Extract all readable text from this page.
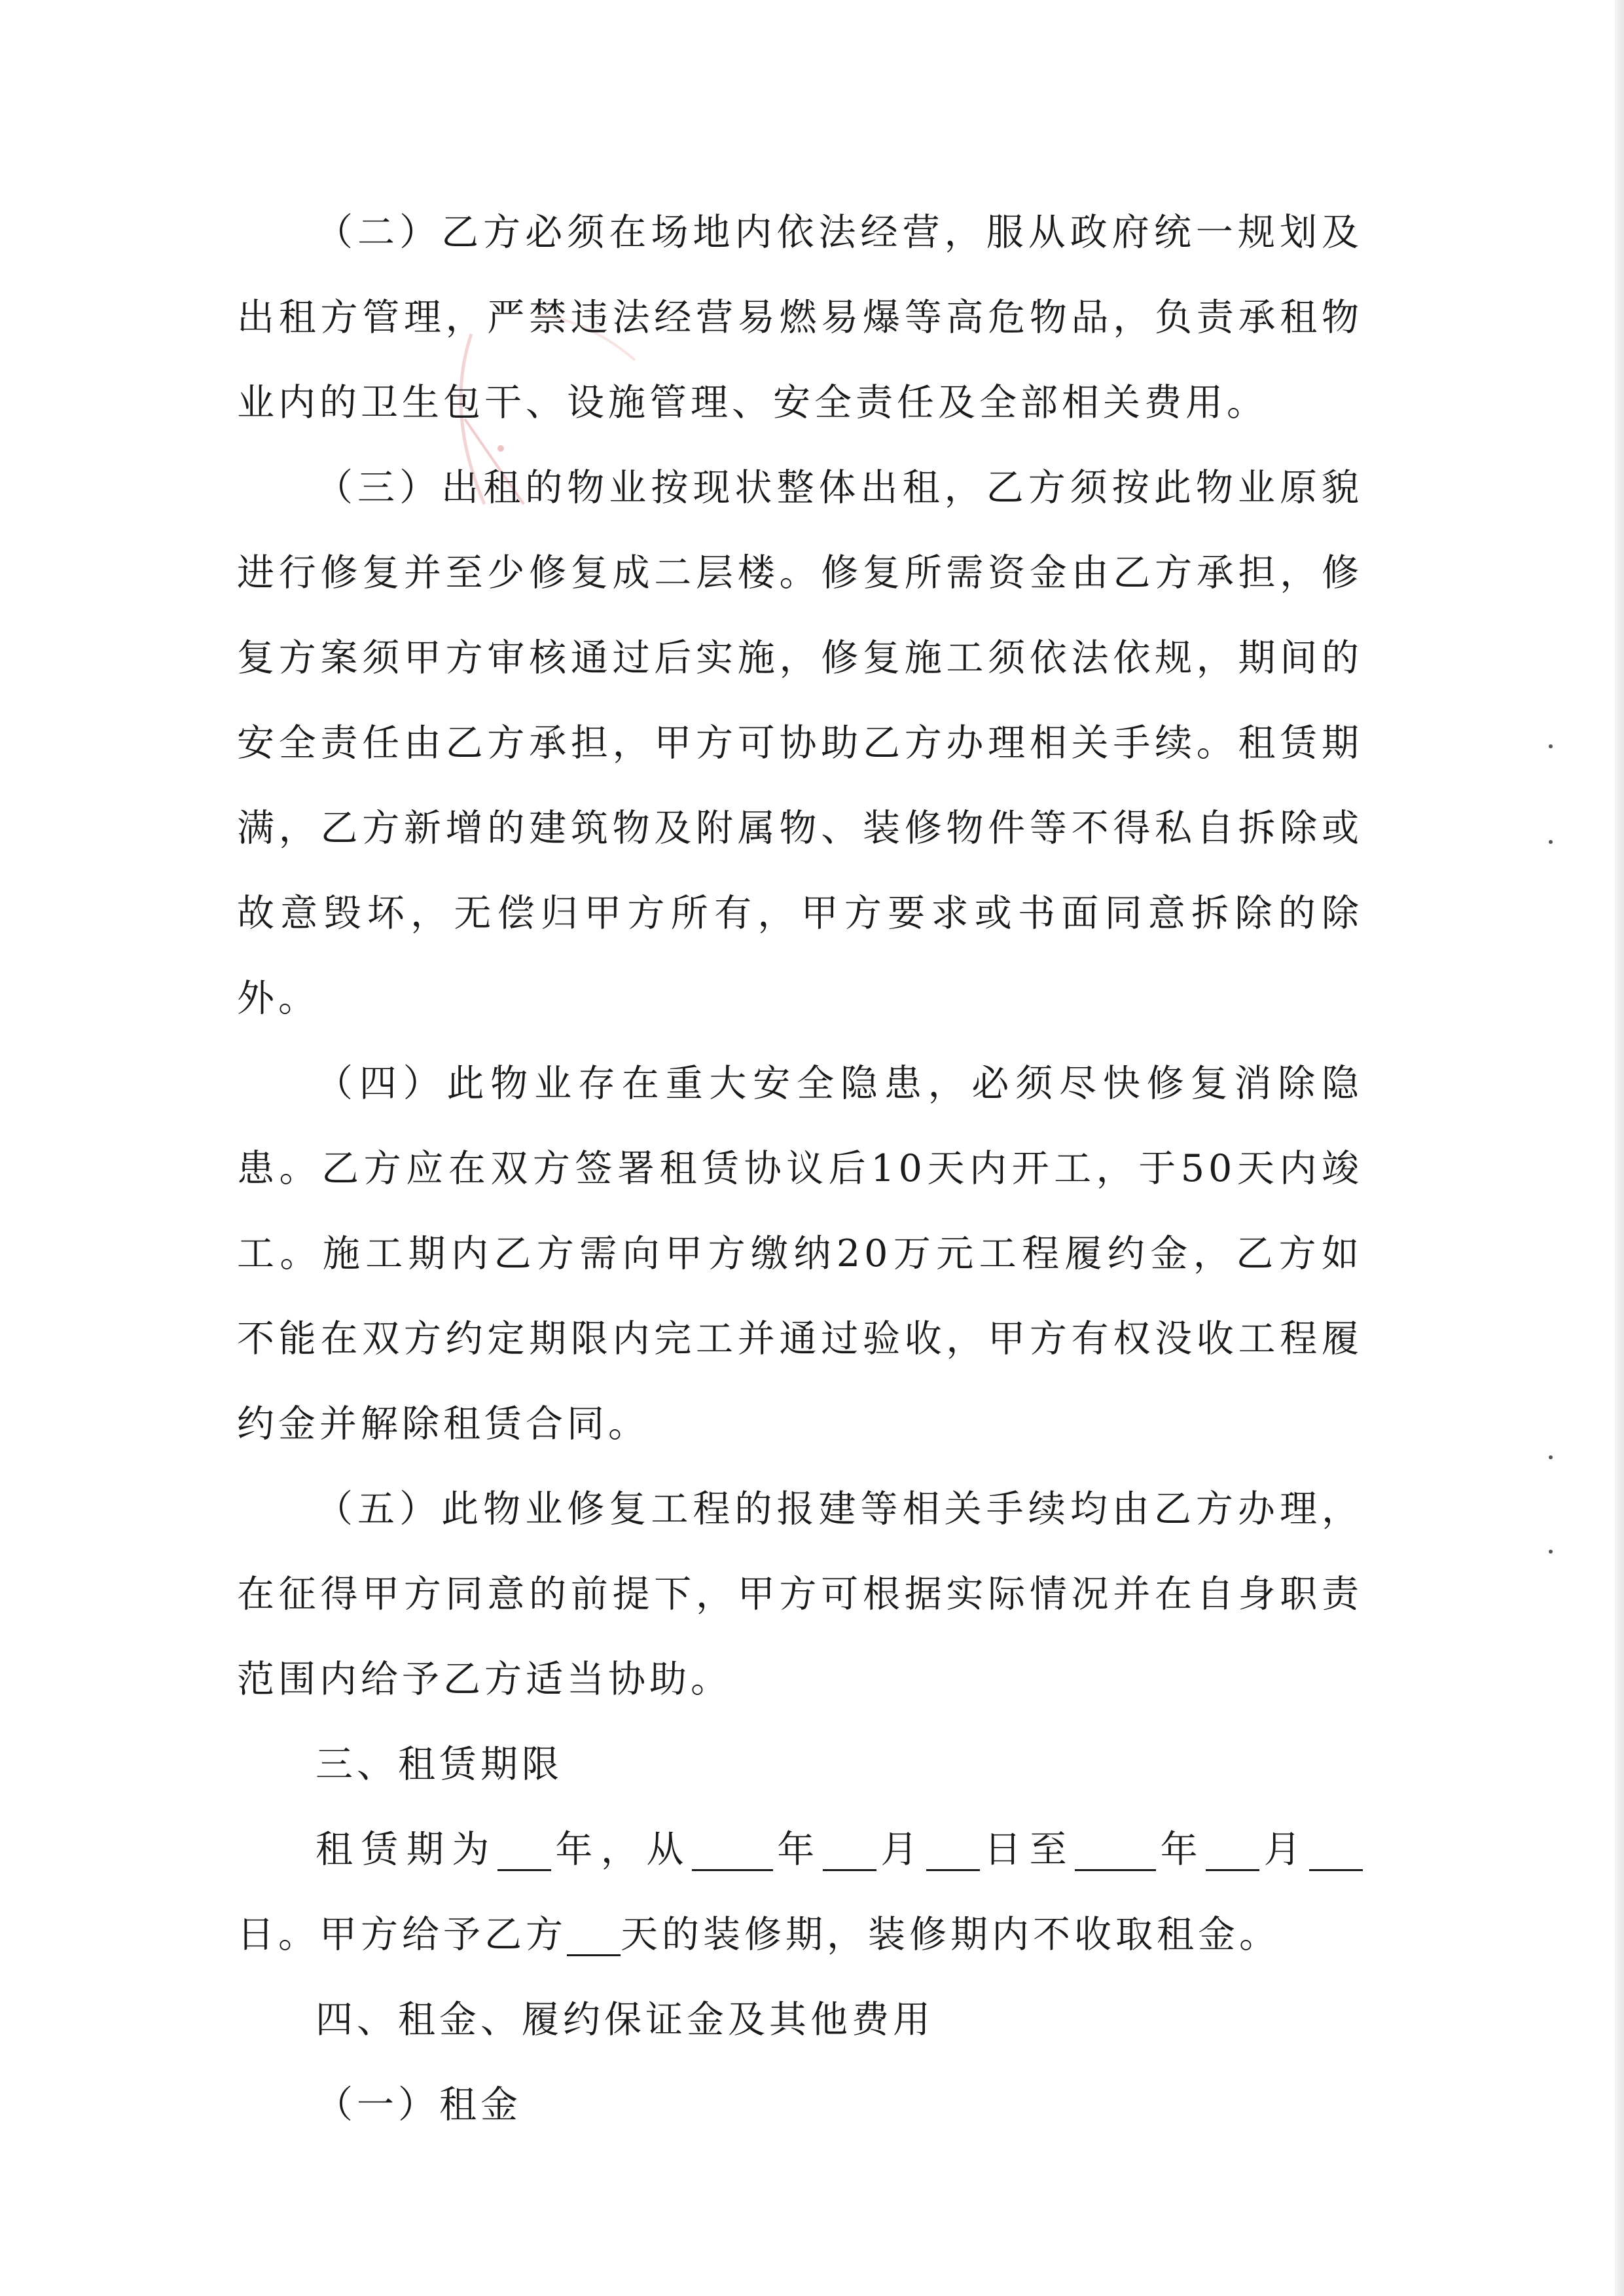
（二）乙方必须在场地内依法经营，服从政府统一规划及出租方管理，严禁违法经营易燃易爆等高危物品，负责承租物业内的卫生包干、设施管理、安全责任及全部相关费用。

（三）出租的物业按现状整体出租，乙方须按此物业原貌进行修复并至少修复成二层楼。修复所需资金由乙方承担，修复方案须甲方审核通过后实施，修复施工须依法依规，期间的安全责任由乙方承担，甲方可协助乙方办理相关手续。租赁期满，乙方新增的建筑物及附属物、装修物件等不得私自拆除或故意毁坏，无偿归甲方所有，甲方要求或书面同意拆除的除外。

（四）此物业存在重大安全隐患，必须尽快修复消除隐患。乙方应在双方签署租赁协议后10天内开工，于50天内竣工。施工期内乙方需向甲方缴纳20万元工程履约金，乙方如不能在双方约定期限内完工并通过验收，甲方有权没收工程履约金并解除租赁合同。

（五）此物业修复工程的报建等相关手续均由乙方办理，在征得甲方同意的前提下，甲方可根据实际情况并在自身职责范围内给予乙方适当协助。

三、租赁期限

租赁期为 年，从 年 月 日至 年 月日。甲方给予乙方 天的装修期，装修期内不收取租金。

四、租金、履约保证金及其他费用

（一）租金
